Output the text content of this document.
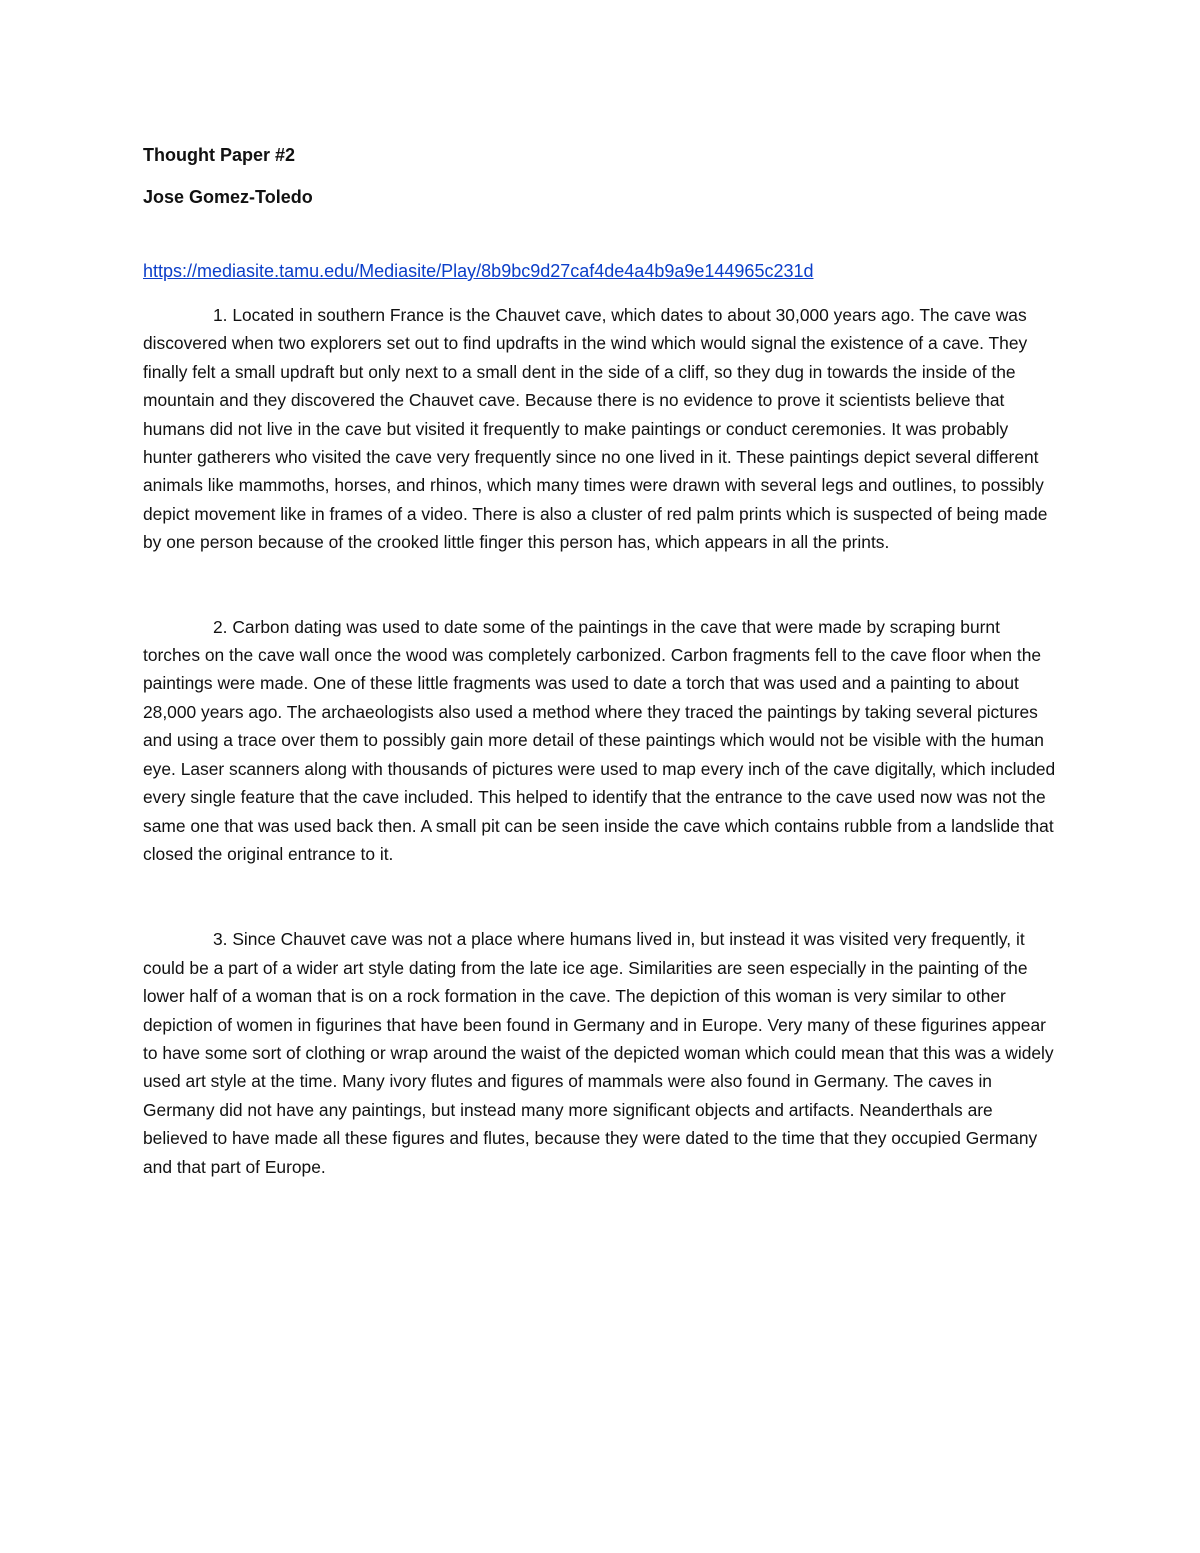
Thought Paper #2

Jose Gomez-Toledo

https://mediasite.tamu.edu/Mediasite/Play/8b9bc9d27caf4de4a4b9a9e144965c231d

1. Located in southern France is the Chauvet cave, which dates to about 30,000 years ago. The cave was discovered when two explorers set out to find updrafts in the wind which would signal the existence of a cave. They finally felt a small updraft but only next to a small dent in the side of a cliff, so they dug in towards the inside of the mountain and they discovered the Chauvet cave. Because there is no evidence to prove it scientists believe that humans did not live in the cave but visited it frequently to make paintings or conduct ceremonies. It was probably hunter gatherers who visited the cave very frequently since no one lived in it. These paintings depict several different animals like mammoths, horses, and rhinos, which many times were drawn with several legs and outlines, to possibly depict movement like in frames of a video. There is also a cluster of red palm prints which is suspected of being made by one person because of the crooked little finger this person has, which appears in all the prints.

2. Carbon dating was used to date some of the paintings in the cave that were made by scraping burnt torches on the cave wall once the wood was completely carbonized. Carbon fragments fell to the cave floor when the paintings were made. One of these little fragments was used to date a torch that was used and a painting to about 28,000 years ago. The archaeologists also used a method where they traced the paintings by taking several pictures and using a trace over them to possibly gain more detail of these paintings which would not be visible with the human eye. Laser scanners along with thousands of pictures were used to map every inch of the cave digitally, which included every single feature that the cave included. This helped to identify that the entrance to the cave used now was not the same one that was used back then. A small pit can be seen inside the cave which contains rubble from a landslide that closed the original entrance to it.

3. Since Chauvet cave was not a place where humans lived in, but instead it was visited very frequently, it could be a part of a wider art style dating from the late ice age. Similarities are seen especially in the painting of the lower half of a woman that is on a rock formation in the cave. The depiction of this woman is very similar to other depiction of women in figurines that have been found in Germany and in Europe. Very many of these figurines appear to have some sort of clothing or wrap around the waist of the depicted woman which could mean that this was a widely used art style at the time. Many ivory flutes and figures of mammals were also found in Germany. The caves in Germany did not have any paintings, but instead many more significant objects and artifacts. Neanderthals are believed to have made all these figures and flutes, because they were dated to the time that they occupied Germany and that part of Europe.
